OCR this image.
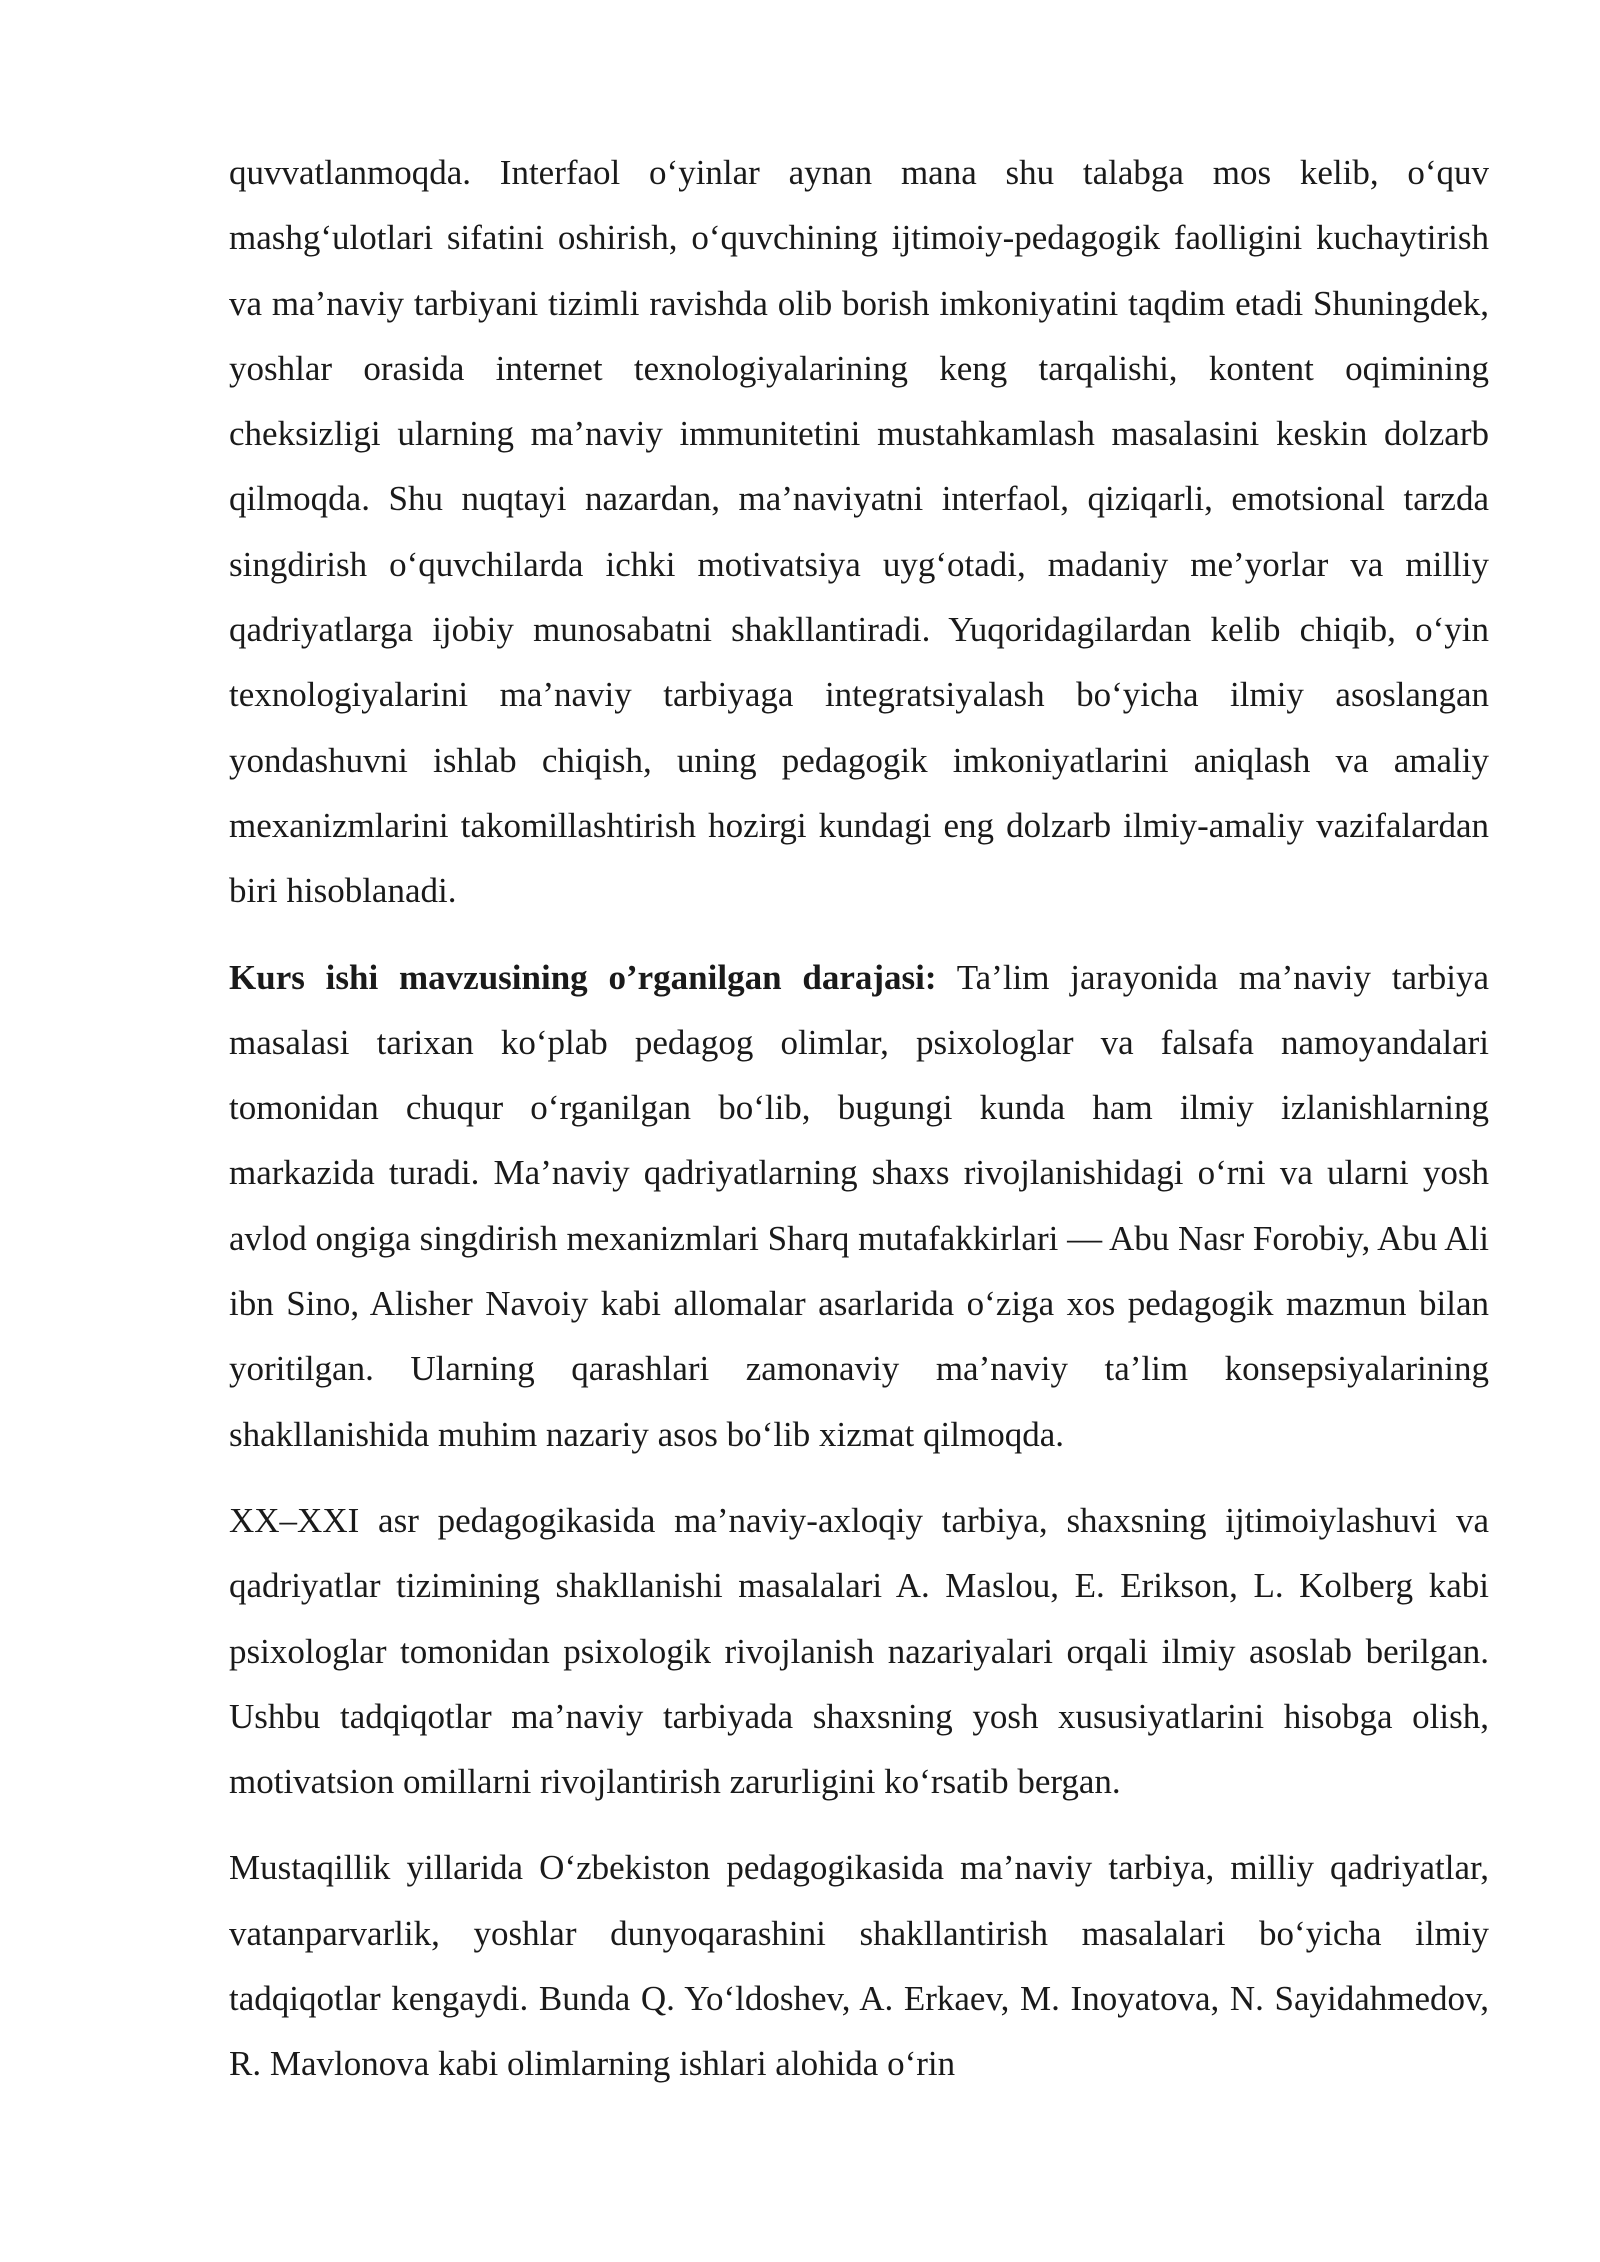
quvvatlanmoqda. Interfaol o‘yinlar aynan mana shu talabga mos kelib, o‘quv mashg‘ulotlari sifatini oshirish, o‘quvchining ijtimoiy-pedagogik faolligini kuchaytirish va ma’naviy tarbiyani tizimli ravishda olib borish imkoniyatini taqdim etadi Shuningdek, yoshlar orasida internet texnologiyalarining keng tarqalishi, kontent oqimining cheksizligi ularning ma’naviy immunitetini mustahkamlash masalasini keskin dolzarb qilmoqda. Shu nuqtayi nazardan, ma’naviyatni interfaol, qiziqarli, emotsional tarzda singdirish o‘quvchilarda ichki motivatsiya uyg‘otadi, madaniy me’yorlar va milliy qadriyatlarga ijobiy munosabatni shakllantiradi. Yuqoridagilardan kelib chiqib, o‘yin texnologiyalarini ma’naviy tarbiyaga integratsiyalash bo‘yicha ilmiy asoslangan yondashuvni ishlab chiqish, uning pedagogik imkoniyatlarini aniqlash va amaliy mexanizmlarini takomillashtirish hozirgi kundagi eng dolzarb ilmiy-amaliy vazifalardan biri hisoblanadi.

Kurs ishi mavzusining o’rganilgan darajasi: Ta’lim jarayonida ma’naviy tarbiya masalasi tarixan ko‘plab pedagog olimlar, psixologlar va falsafa namoyandalari tomonidan chuqur o‘rganilgan bo‘lib, bugungi kunda ham ilmiy izlanishlarning markazida turadi. Ma’naviy qadriyatlarning shaxs rivojlanishidagi o‘rni va ularni yosh avlod ongiga singdirish mexanizmlari Sharq mutafakkirlari — Abu Nasr Forobiy, Abu Ali ibn Sino, Alisher Navoiy kabi allomalar asarlarida o‘ziga xos pedagogik mazmun bilan yoritilgan. Ularning qarashlari zamonaviy ma’naviy ta’lim konsepsiyalarining shakllanishida muhim nazariy asos bo‘lib xizmat qilmoqda.

XX–XXI asr pedagogikasida ma’naviy-axloqiy tarbiya, shaxsning ijtimoiylashuvi va qadriyatlar tizimining shakllanishi masalalari A. Maslou, E. Erikson, L. Kolberg kabi psixologlar tomonidan psixologik rivojlanish nazariyalari orqali ilmiy asoslab berilgan. Ushbu tadqiqotlar ma’naviy tarbiyada shaxsning yosh xususiyatlarini hisobga olish, motivatsion omillarni rivojlantirish zarurligini ko‘rsatib bergan.

Mustaqillik yillarida O‘zbekiston pedagogikasida ma’naviy tarbiya, milliy qadriyatlar, vatanparvarlik, yoshlar dunyoqarashini shakllantirish masalalari bo‘yicha ilmiy tadqiqotlar kengaydi. Bunda Q. Yo‘ldoshev, A. Erkaev, M. Inoyatova, N. Sayidahmedov, R. Mavlonova kabi olimlarning ishlari alohida o‘rin
